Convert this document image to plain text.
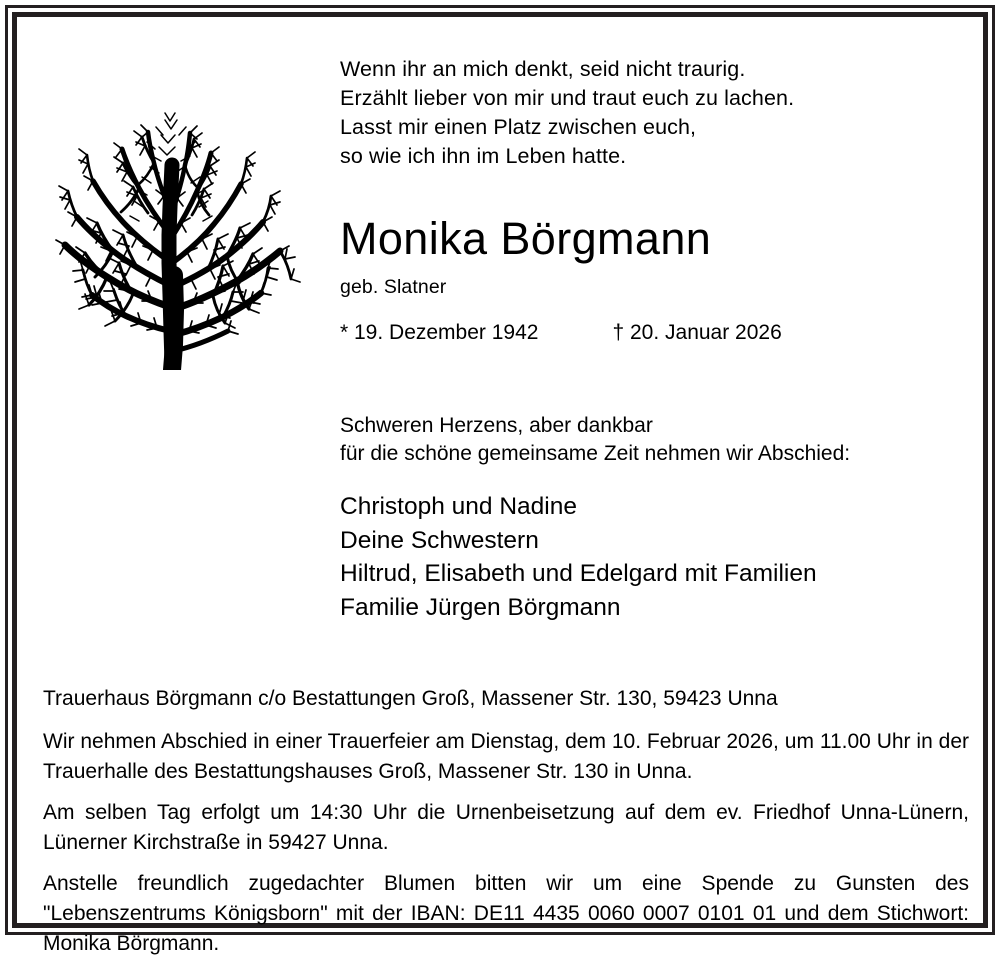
Wenn ihr an mich denkt, seid nicht traurig.
Erzählt lieber von mir und traut euch zu lachen.
Lasst mir einen Platz zwischen euch,
so wie ich ihn im Leben hatte.
Monika Börgmann
geb. Slatner
* 19. Dezember 1942	† 20. Januar 2026
Schweren Herzens, aber dankbar
für die schöne gemeinsame Zeit nehmen wir Abschied:
Christoph und Nadine
Deine Schwestern
Hiltrud, Elisabeth und Edelgard mit Familien
Familie Jürgen Börgmann
Trauerhaus Börgmann c/o Bestattungen Groß, Massener Str. 130, 59423 Unna
Wir nehmen Abschied in einer Trauerfeier am Dienstag, dem 10. Februar 2026, um 11.00 Uhr in der Trauerhalle des Bestattungshauses Groß, Massener Str. 130 in Unna.
Am selben Tag erfolgt um 14:30 Uhr die Urnenbeisetzung auf dem ev. Friedhof Unna-Lünern, Lünerner Kirchstraße in 59427 Unna.
Anstelle freundlich zugedachter Blumen bitten wir um eine Spende zu Gunsten des "Lebenszentrums Königsborn" mit der IBAN: DE11 4435 0060 0007 0101 01 und dem Stichwort: Monika Börgmann.
